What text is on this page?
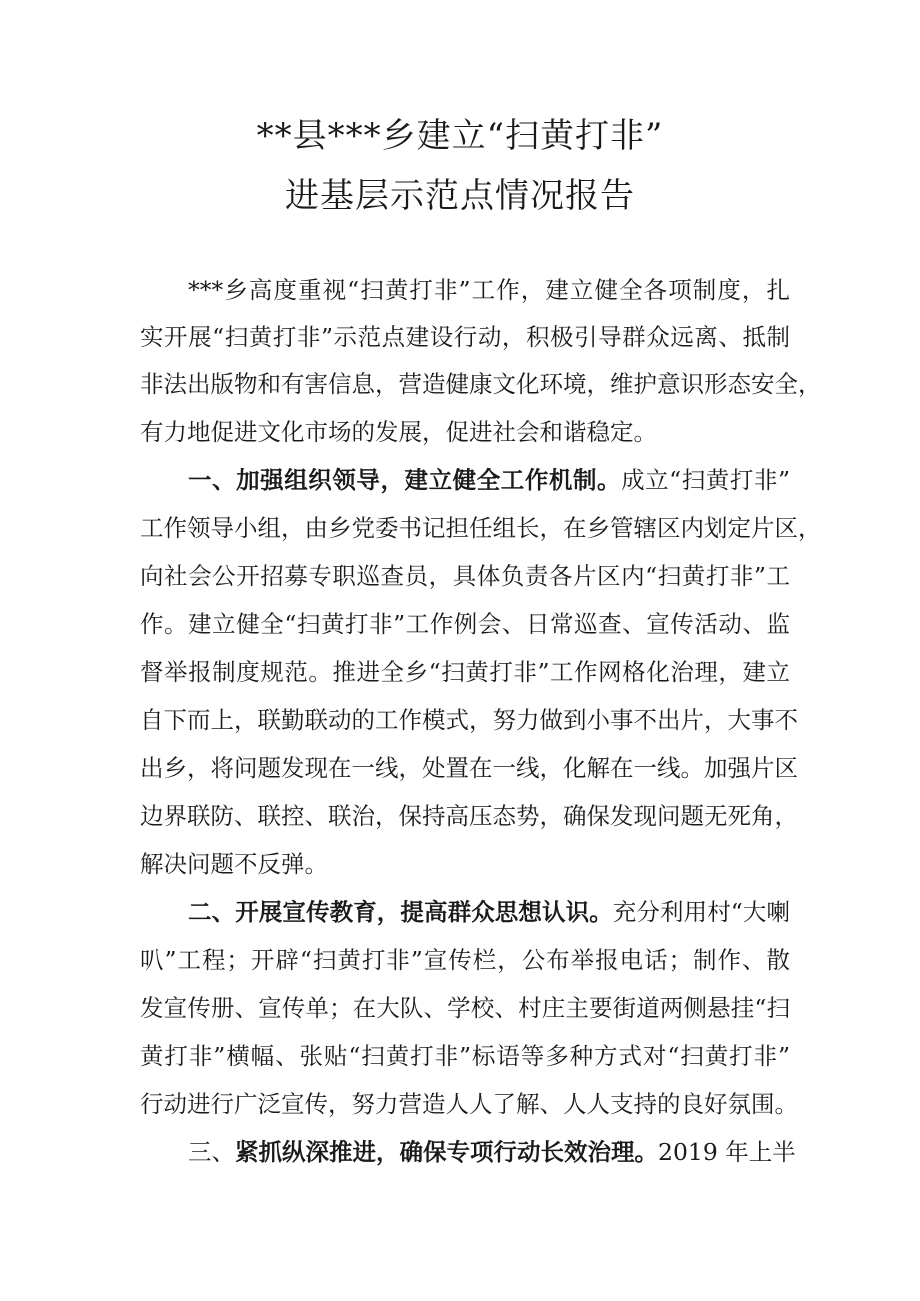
**县***乡建立“扫黄打非”
进基层示范点情况报告
***乡高度重视“扫黄打非”工作，建立健全各项制度，扎
实开展“扫黄打非”示范点建设行动，积极引导群众远离、抵制
非法出版物和有害信息，营造健康文化环境，维护意识形态安全，
有力地促进文化市场的发展，促进社会和谐稳定。
一、加强组织领导，建立健全工作机制。成立“扫黄打非”
工作领导小组，由乡党委书记担任组长，在乡管辖区内划定片区，
向社会公开招募专职巡查员，具体负责各片区内“扫黄打非”工
作。建立健全“扫黄打非”工作例会、日常巡查、宣传活动、监
督举报制度规范。推进全乡“扫黄打非”工作网格化治理，建立
自下而上，联勤联动的工作模式，努力做到小事不出片，大事不
出乡，将问题发现在一线，处置在一线，化解在一线。加强片区
边界联防、联控、联治，保持高压态势，确保发现问题无死角，
解决问题不反弹。
二、开展宣传教育，提高群众思想认识。充分利用村“大喇
叭”工程；开辟“扫黄打非”宣传栏，公布举报电话；制作、散
发宣传册、宣传单；在大队、学校、村庄主要街道两侧悬挂“扫
黄打非”横幅、张贴“扫黄打非”标语等多种方式对“扫黄打非”
行动进行广泛宣传，努力营造人人了解、人人支持的良好氛围。
三、紧抓纵深推进，确保专项行动长效治理。2019 年上半
